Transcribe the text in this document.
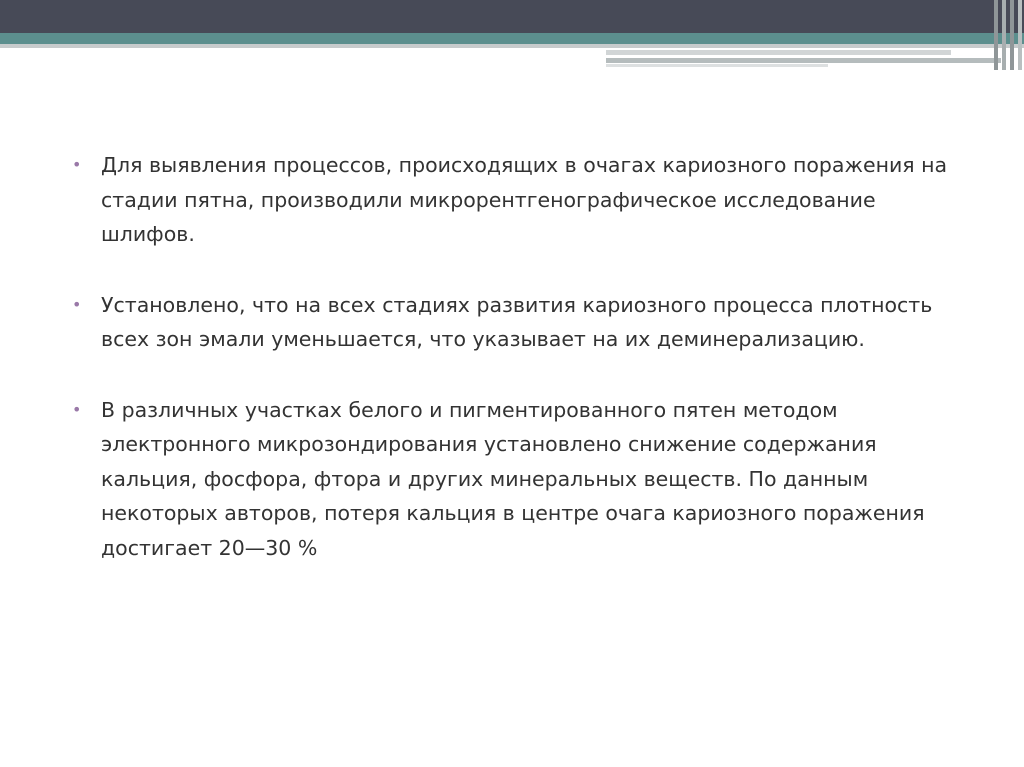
• Для выявления процессов, происходящих в очагах кариозного поражения на стадии пятна, производили микрорентгенографическое исследование шлифов.
• Установлено, что на всех стадиях развития кариозного процесса плотность всех зон эмали уменьшается, что указывает на их деминерализацию.
• В различных участках белого и пигментированного пятен методом электронного микрозондирования установлено снижение содержания кальция, фосфора, фтора и других минеральных веществ. По данным некоторых авторов, потеря кальция в центре очага кариозного поражения достигает 20—30 %
